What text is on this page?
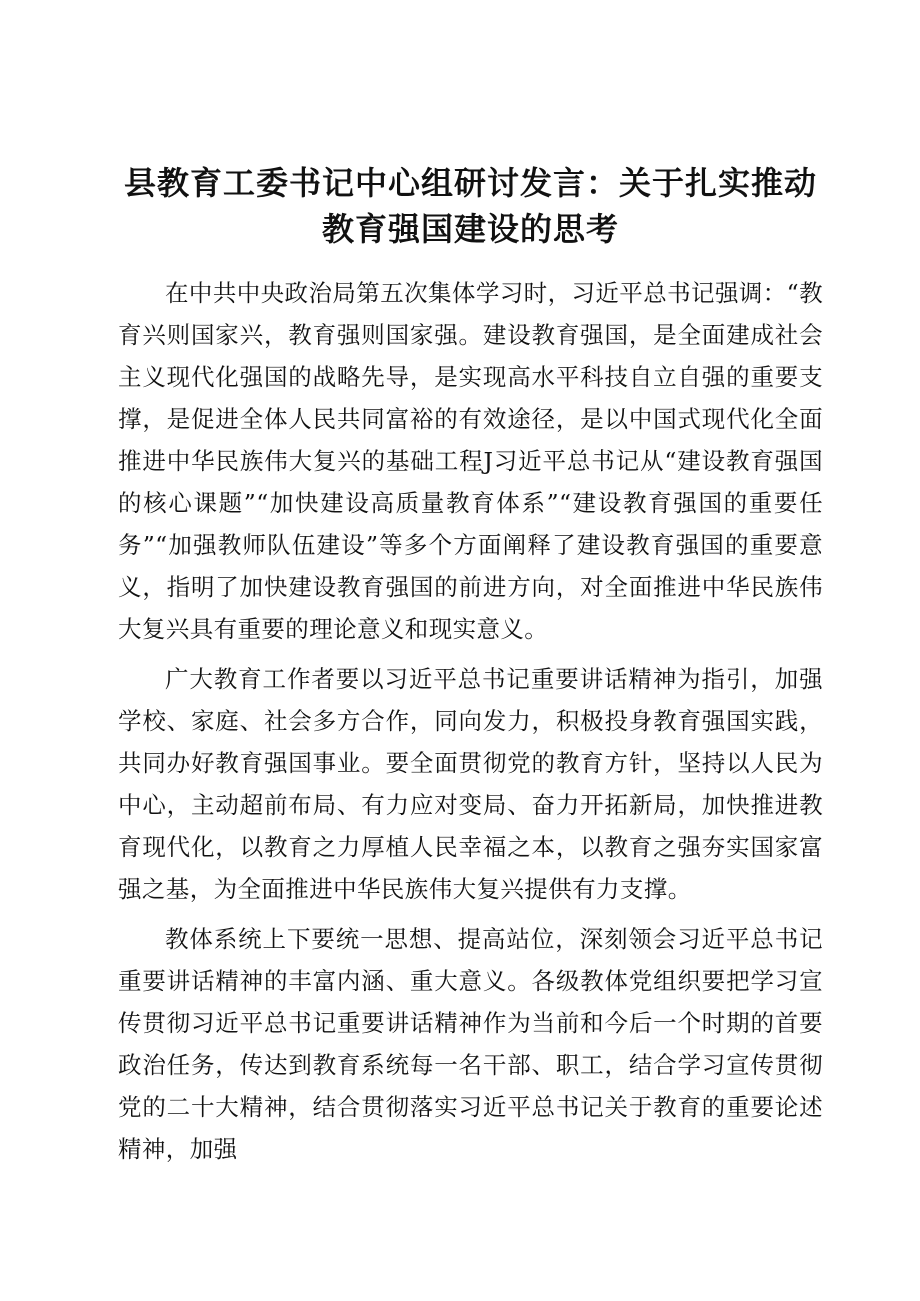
县教育工委书记中心组研讨发言：关于扎实推动教育强国建设的思考

在中共中央政治局第五次集体学习时，习近平总书记强调：“教育兴则国家兴，教育强则国家强。建设教育强国，是全面建成社会主义现代化强国的战略先导，是实现高水平科技自立自强的重要支撑，是促进全体人民共同富裕的有效途径，是以中国式现代化全面推进中华民族伟大复兴的基础工程J习近平总书记从“建设教育强国的核心课题”“加快建设高质量教育体系”“建设教育强国的重要任务”“加强教师队伍建设”等多个方面阐释了建设教育强国的重要意义，指明了加快建设教育强国的前进方向，对全面推进中华民族伟大复兴具有重要的理论意义和现实意义。

广大教育工作者要以习近平总书记重要讲话精神为指引，加强学校、家庭、社会多方合作，同向发力，积极投身教育强国实践，共同办好教育强国事业。要全面贯彻党的教育方针，坚持以人民为中心，主动超前布局、有力应对变局、奋力开拓新局，加快推进教育现代化，以教育之力厚植人民幸福之本，以教育之强夯实国家富强之基，为全面推进中华民族伟大复兴提供有力支撑。

教体系统上下要统一思想、提高站位，深刻领会习近平总书记重要讲话精神的丰富内涵、重大意义。各级教体党组织要把学习宣传贯彻习近平总书记重要讲话精神作为当前和今后一个时期的首要政治任务，传达到教育系统每一名干部、职工，结合学习宣传贯彻党的二十大精神，结合贯彻落实习近平总书记关于教育的重要论述精神，加强
